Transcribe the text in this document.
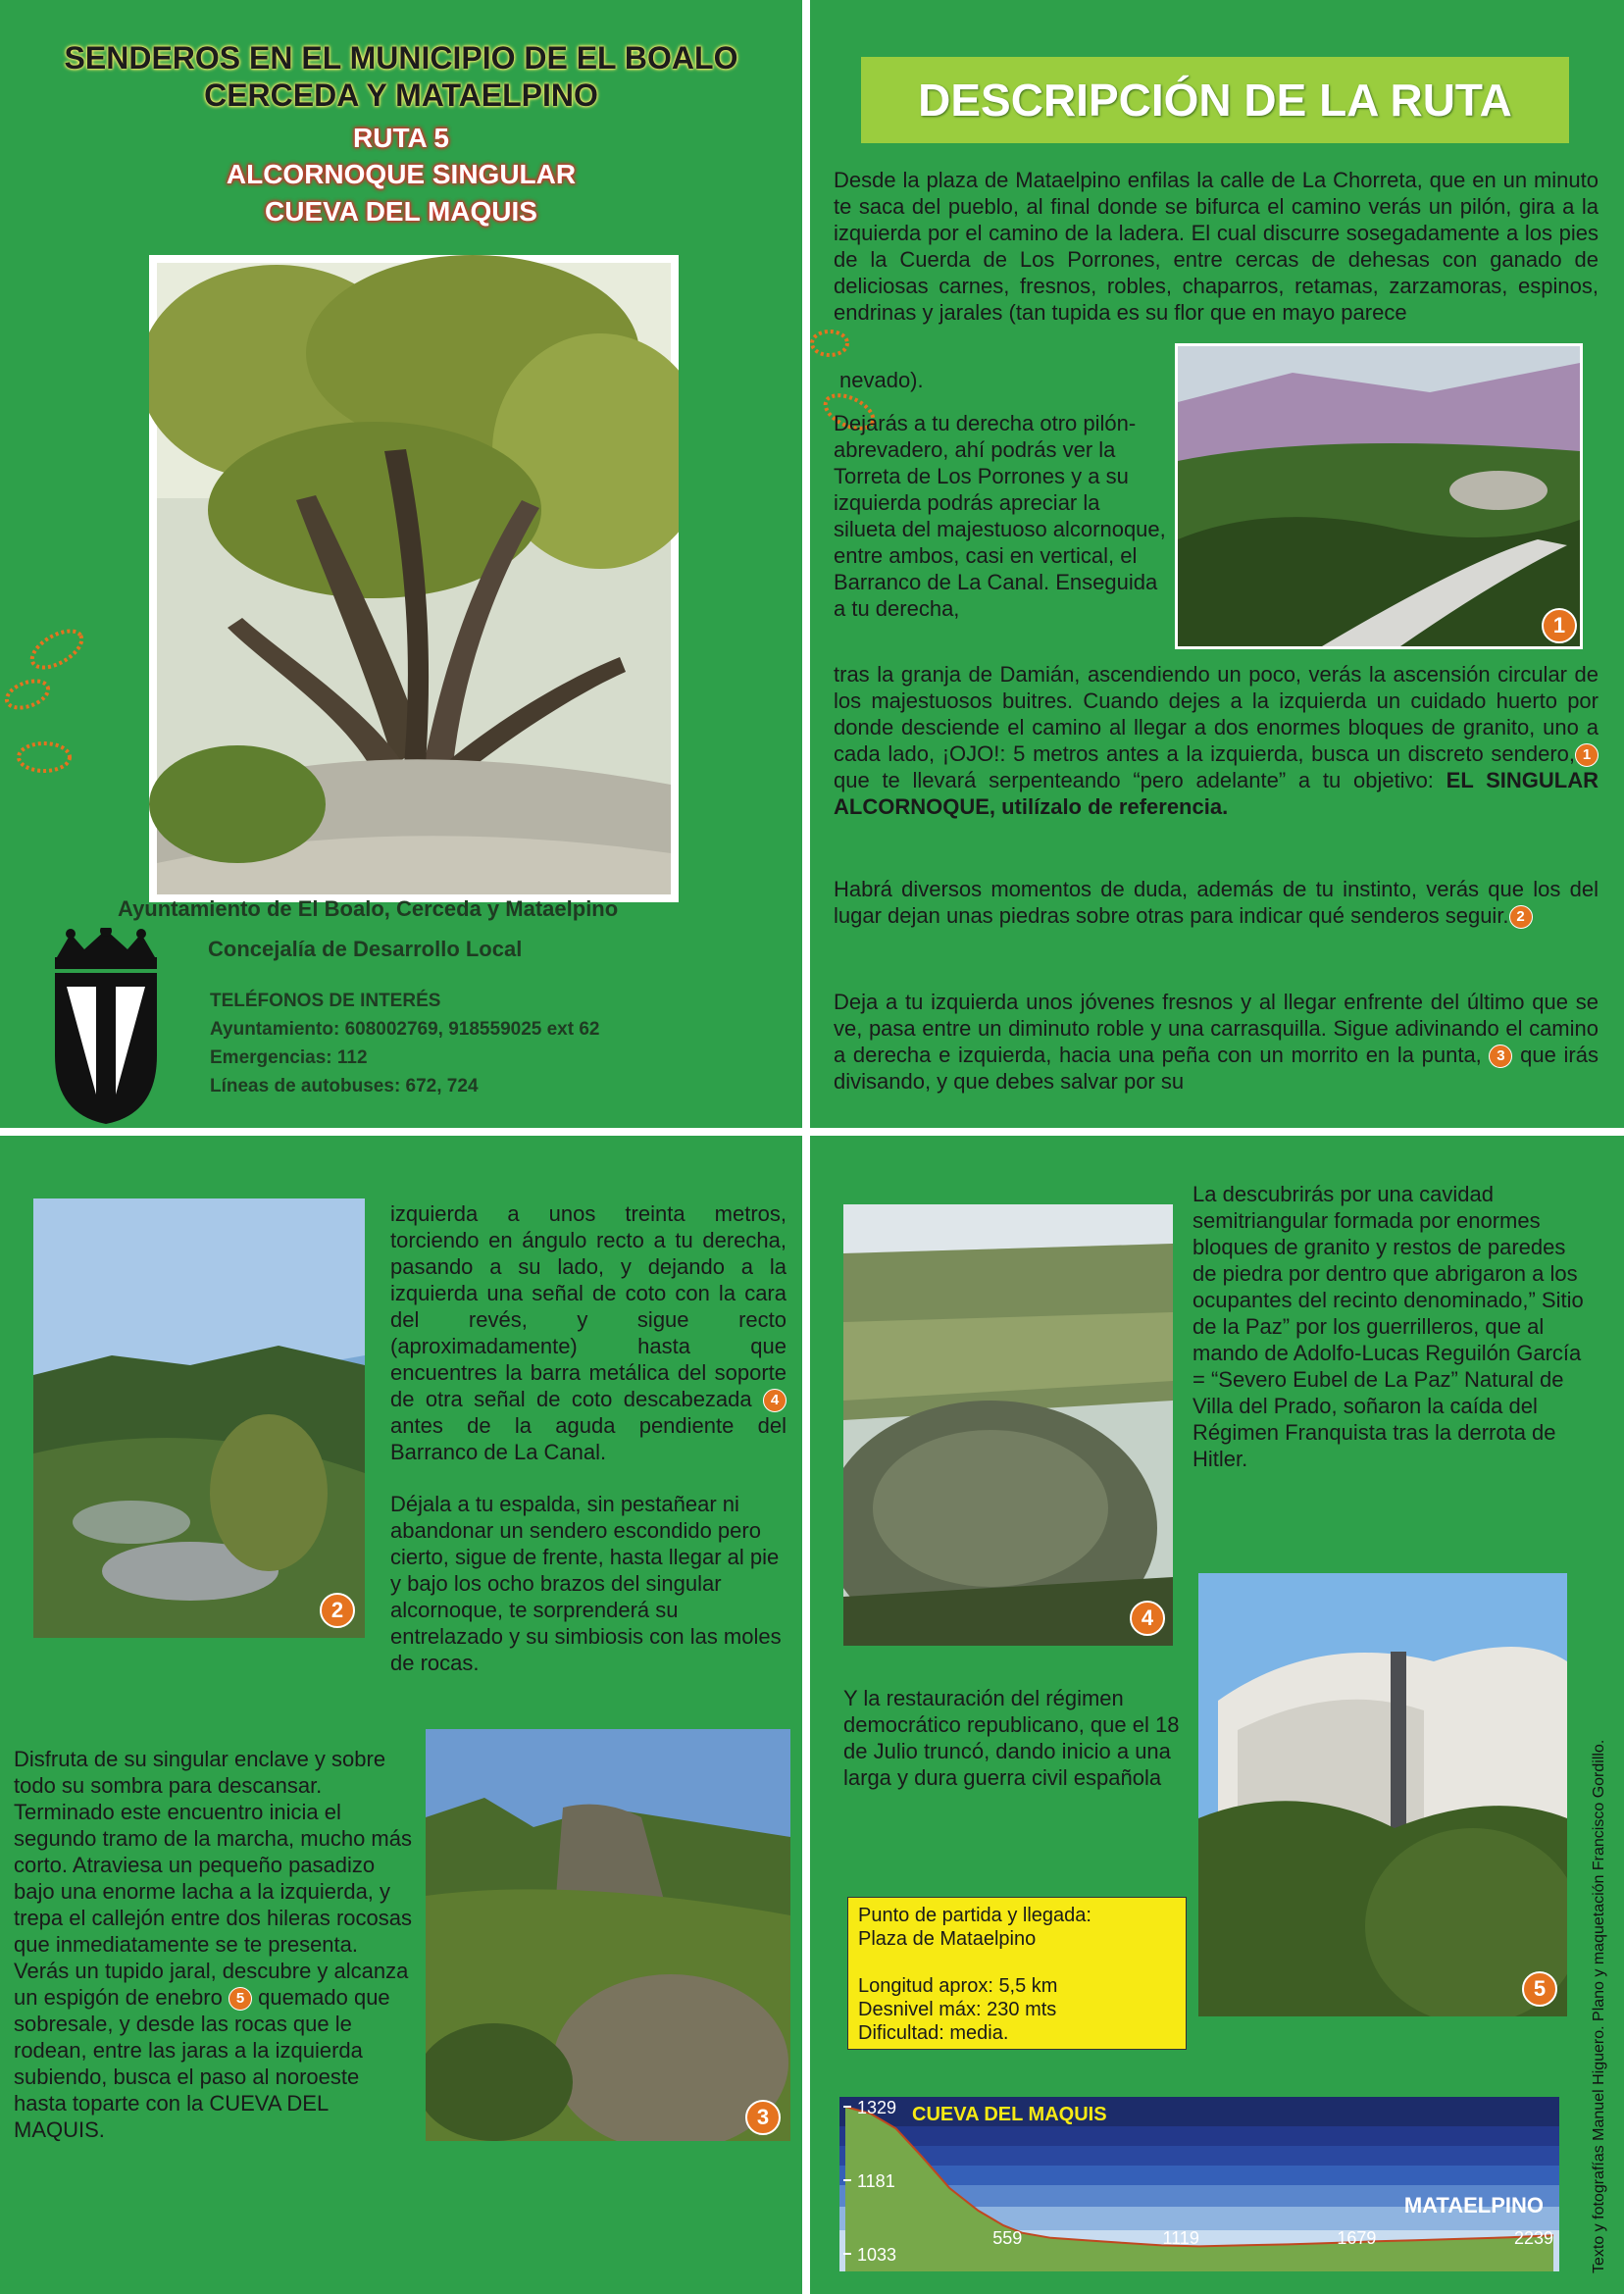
SENDEROS EN EL MUNICIPIO DE EL BOALO
CERCEDA Y MATAELPINO
RUTA 5
ALCORNOQUE SINGULAR
CUEVA DEL MAQUIS
Ayuntamiento de El Boalo, Cerceda y Mataelpino
Concejalía de Desarrollo Local
TELÉFONOS DE INTERÉS
Ayuntamiento: 608002769, 918559025 ext 62
Emergencias: 112
Líneas de autobuses: 672, 724
DESCRIPCIÓN DE LA RUTA
Desde la plaza de Mataelpino enfilas la calle de La Chorreta, que en un minuto te saca del pueblo, al final donde se bifurca el camino verás un pilón, gira a la izquierda por el camino de la ladera. El cual discurre sosegadamente a los pies de la Cuerda de Los Porrones, entre cercas de dehesas con ganado de deliciosas carnes, fresnos, robles, chaparros, retamas, zarzamoras, espinos, endrinas y jarales (tan tupida es su flor que en mayo parece
1
nevado).
Dejarás a tu derecha otro pilón- abrevadero, ahí podrás ver la Torreta de Los Porrones y a su izquierda podrás apreciar la silueta del majestuoso alcornoque, entre ambos, casi en vertical, el Barranco de La Canal. Enseguida a tu derecha,
tras la granja de Damián, ascendiendo un poco, verás la ascensión circular de los majestuosos buitres. Cuando dejes a la izquierda un cuidado huerto por donde desciende el camino al llegar a dos enormes bloques de granito, uno a cada lado, ¡OJO!: 5 metros antes a la izquierda, busca un discreto sendero, 1que te llevará serpenteando “pero adelante” a tu objetivo: EL SINGULAR ALCORNOQUE, utilízalo de referencia.
Habrá diversos momentos de duda, además de tu instinto, verás que los del lugar dejan unas piedras sobre otras para indicar qué senderos seguir. 2
Deja a tu izquierda unos jóvenes fresnos y al llegar enfrente del último que se ve, pasa entre un diminuto roble y una carrasquilla. Sigue adivinando el camino a derecha e izquierda, hacia una peña con un morrito en la punta, 3 que irás divisando, y que debes salvar por su
2
izquierda a unos treinta metros, torciendo en ángulo recto a tu derecha, pasando a su lado, y dejando a la izquierda una señal de coto con la cara del revés, y sigue recto (aproximadamente) hasta que encuentres la barra metálica del soporte de otra señal de coto descabezada 4 antes de la aguda pendiente del Barranco de La Canal.
Déjala a tu espalda, sin pestañear ni abandonar un sendero escondido pero cierto, sigue de frente, hasta llegar al pie y bajo los ocho brazos del singular alcornoque, te sorprenderá su entrelazado y su simbiosis con las moles de rocas.
3
Disfruta de su singular enclave y sobre todo su sombra para descansar. Terminado este encuentro inicia el segundo tramo de la marcha, mucho más corto. Atraviesa un pequeño pasadizo bajo una enorme lacha a la izquierda, y trepa el callejón entre dos hileras rocosas que inmediatamente se te presenta. Verás un tupido jaral, descubre y alcanza un espigón de enebro 5 quemado que sobresale, y desde las rocas que le rodean, entre las jaras a la izquierda subiendo, busca el paso al noroeste hasta toparte con la CUEVA DEL MAQUIS.
4
La descubrirás por una cavidad semitriangular formada por enormes bloques de granito y restos de paredes de piedra por dentro que abrigaron a los ocupantes del recinto denominado,” Sitio de la Paz” por los guerrilleros, que al mando de Adolfo-Lucas Reguilón García = “Severo Eubel de La Paz” Natural de Villa del Prado, soñaron la caída del Régimen Franquista tras la derrota de Hitler.
5
Y la restauración del régimen democrático republicano, que el 18 de Julio truncó, dando inicio a una larga y dura guerra civil española
Punto de partida y llegada:
Plaza de Mataelpino
Longitud aprox: 5,5 km
Desnivel máx: 230 mts
Dificultad: media.
1329
1181
1033
559	1119	1679	2239
CUEVA DEL MAQUIS
MATAELPINO	Texto y fotografías Manuel Higuero. Plano y maquetación Francisco Gordillo.
